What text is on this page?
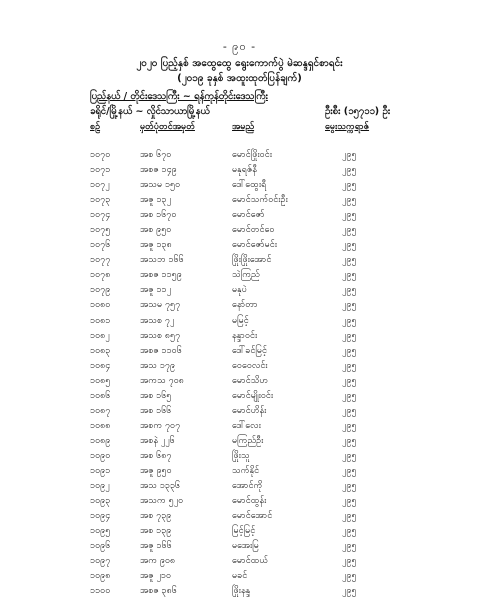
- ၉၀ -
၂၀၂၀ ပြည့်နှစ် အထွေထွေ ရွေးကောက်ပွဲ မဲဆန္ဒရှင်စာရင်း
(၂၀၁၉ ခုနှစ် အထူးထုတ်ပြန်ချက်)
ပြည်နယ် / တိုင်းဒေသကြီး ~ ရန်ကုန်တိုင်းဒေသကြီး
ခရိုင်/မြို့နယ် ~ လှိုင်သာယာမြို့နယ်	ဦးစီး (၁၅၇၁၁) ဦး
စဉ်	မှတ်ပုံတင်အမှတ်	အမည်	မွေးသက္ကရာဇ်
၁၀၇၀	အစ ၆၇၀	မောင်ဖြိုးဝင်း	၂၉၅
၁၀၇၁	အစဇ ၁၄၉	မနုရဇ်နီ	၂၉၅
၁၀၇၂	အသမ ၁၅၀	ဒေါ်ထွေးရီ	၂၉၅
၁၀၇၃	အဇူ ၁၃၂	မောင်သက်ဝင်းဦး	၂၉၅
၁၀၇၄	အစ ၁၆၇၀	မောင်ဇော်	၂၉၅
၁၀၇၅	အစ ၉၅၀	မောင်တင်ဝေ	၂၉၅
၁၀၇၆	အဇူ ၁၃၈	မောင်ဇော်မင်း	၂၉၅
၁၀၇၇	အသဘ ၁၆၆	ဖြိုးဖြိုးအောင်	၂၉၅
၁၀၇၈	အစဇ ၁၁၅၉	သဲကြည်	၂၉၅
၁၀၇၉	အဇူ ၁၁၂	မနုပဲ	၂၉၅
၁၀၈၀	အသမ ၇၅၇	နော်တာ	၂၉၅
၁၀၈၁	အသစ ၇၂	မမြင့်	၂၉၅
၁၀၈၂	အသစ ၈၅၇	နန္ဒာဝင်း	၂၉၅
၁၀၈၃	အစဇ ၁၁၀၆	ဒေါ်ခင်မြင့်	၂၉၅
၁၀၈၄	အသ ၁၇၉	ဝေဝေလင်း	၂၉၅
၁၀၈၅	အကသ ၇၀၈	မောင်သိဟ	၂၉၅
၁၀၈၆	အစ ၁၆၅	မောင်မျိုးဝင်း	၂၉၅
၁၀၈၇	အစ ၁၆၆	မောင်ဟိန်း	၂၉၅
၁၀၈၈	အစက ၇၀၇	ဒေါ်လေး	၂၉၅
၁၀၈၉	အစနဲ ၂၂၆	မကြည်ဦး	၂၉၅
၁၀၉၀	အစ ၆၈၇	ဖြိုးသူ	၂၉၅
၁၀၉၁	အဇူ ၉၅၀	သက်နိုင်	၂၉၅
၁၀၉၂	အသ ၁၃၃၆	အောင်ကို	၂၉၅
၁၀၉၃	အသက ၅၂၀	မောင်ထွန်း	၂၉၅
၁၀၉၄	အစ ၇၃၉	မောင်အောင်	၂၉၅
၁၀၉၅	အစ ၁၃၉	မြင့်မြင့်	၂၉၅
၁၀၉၆	အဇူ ၁၆၆	မအေးမြ	၂၉၅
၁၀၉၇	အက ၉၀၈	မောင်ထယ်	၂၉၅
၁၀၉၈	အဇူ ၂၁၀	မခင်	၂၉၅
၁၁၀၀	အစဇ ၃၈၆	ဖြိုးနန္ဒ	၂၉၅
